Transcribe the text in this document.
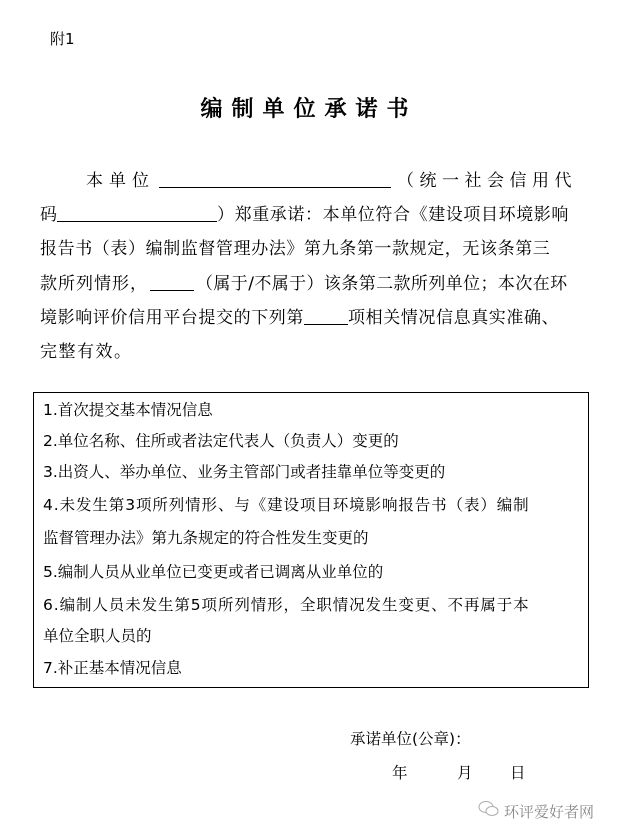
附1
编制单位承诺书
本单位	（统一社会信用代
码	）郑重承诺：本单位符合《建设项目环境影响
报告书（表）编制监督管理办法》第九条第一款规定，无该条第三
款所列情形，	（属于/不属于）该条第二款所列单位；本次在环
境影响评价信用平台提交的下列第	项相关情况信息真实准确、
完整有效。
1.首次提交基本情况信息
2.单位名称、住所或者法定代表人（负责人）变更的
3.出资人、举办单位、业务主管部门或者挂靠单位等变更的
4.未发生第3项所列情形、与《建设项目环境影响报告书（表）编制
监督管理办法》第九条规定的符合性发生变更的
5.编制人员从业单位已变更或者已调离从业单位的
6.编制人员未发生第5项所列情形，全职情况发生变更、不再属于本
单位全职人员的
7.补正基本情况信息
承诺单位(公章)：
年	月 日
环评爱好者网
